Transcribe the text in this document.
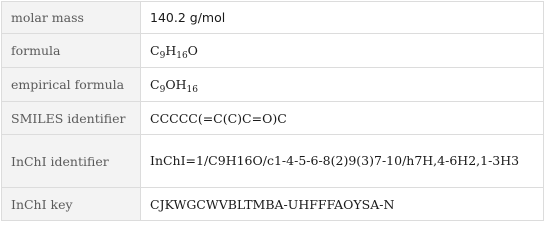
molar mass	140.2 g/mol
formula	$C_9H_{16}O$
empirical formula	$C_9OH_{16}$
SMILES identifier	CCCCC(=C(C)C=O)C
InChI identifier	InChI=1/C9H16O/c1-4-5-6-8(2)9(3)7-10/h7H,4-6H2,1-3H3
InChI key	CJKWGCWVBLTMBA-UHFFFAOYSA-N
